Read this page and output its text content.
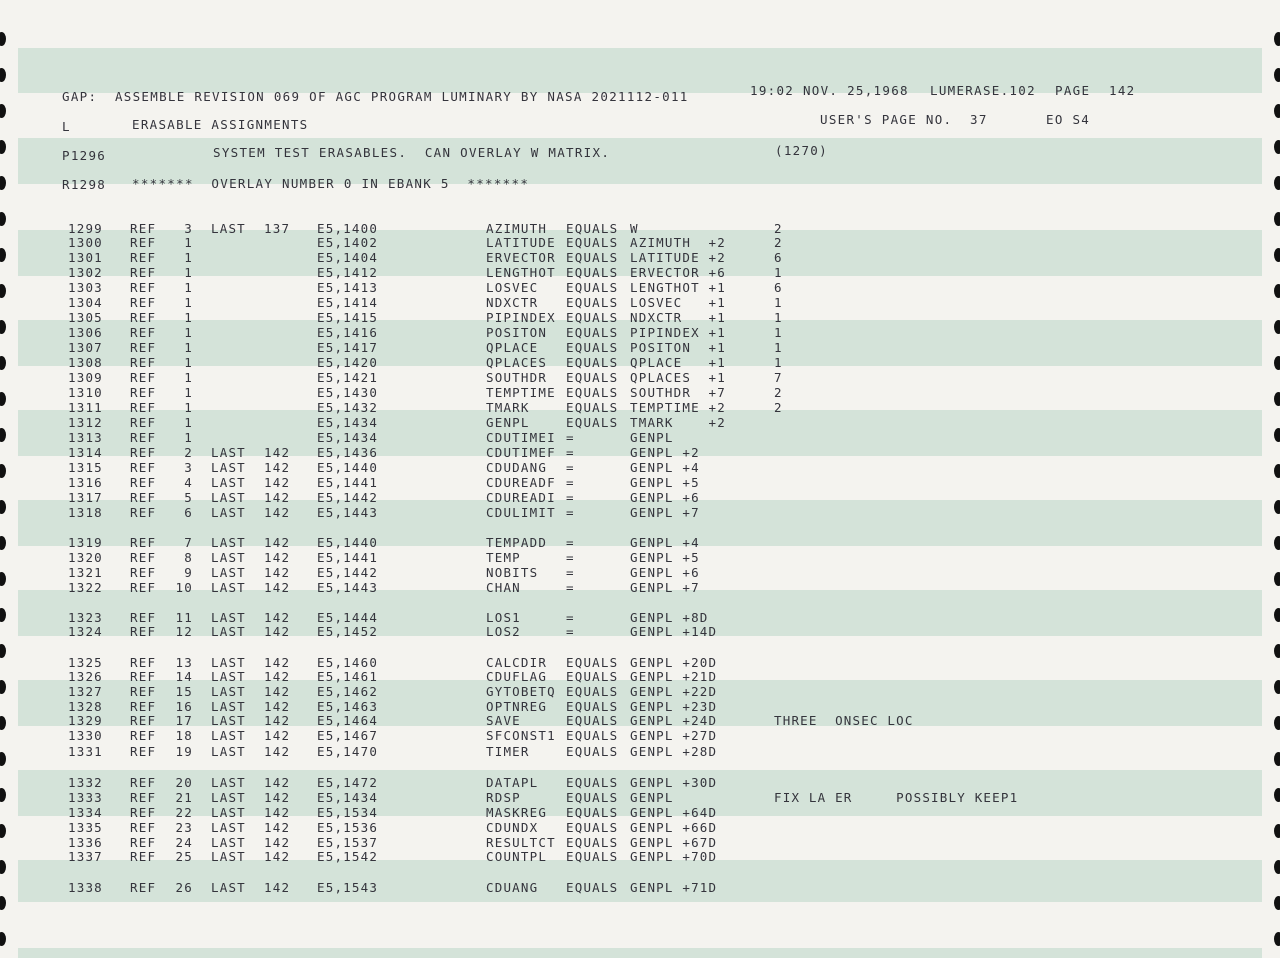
GAP:  ASSEMBLE REVISION 069 OF AGC PROGRAM LUMINARY BY NASA 2021112-011	19:02 NOV. 25,1968 LUMERASE.102 PAGE 142
L	ERASABLE ASSIGNMENTS	USER'S PAGE NO.  37	EO S4
P1296	SYSTEM TEST ERASABLES.  CAN OVERLAY W MATRIX.	(1270)
R1298 *******  OVERLAY NUMBER 0 IN EBANK 5  *******
1299 REF 3 LAST 137 E5,1400	AZIMUTH EQUALS W	2
1300 REF 1	E5,1402	LATITUDE EQUALS AZIMUTH  +2	2
1301 REF 1	E5,1404	ERVECTOR EQUALS LATITUDE +2	6
1302 REF 1	E5,1412	LENGTHOT EQUALS ERVECTOR +6	1
1303 REF 1	E5,1413	LOSVEC EQUALS LENGTHOT +1	6
1304 REF 1	E5,1414	NDXCTR EQUALS LOSVEC   +1	1
1305 REF 1	E5,1415	PIPINDEX EQUALS NDXCTR   +1	1
1306 REF 1	E5,1416	POSITON EQUALS PIPINDEX +1	1
1307 REF 1	E5,1417	QPLACE EQUALS POSITON  +1	1
1308 REF 1	E5,1420	QPLACES EQUALS QPLACE   +1	1
1309 REF 1	E5,1421	SOUTHDR EQUALS QPLACES  +1	7
1310 REF 1	E5,1430	TEMPTIME EQUALS SOUTHDR  +7	2
1311 REF 1	E5,1432	TMARK	EQUALS TEMPTIME +2	2
1312 REF 1	E5,1434	GENPL	EQUALS TMARK    +2
1313 REF 1	E5,1434	CDUTIMEI =	GENPL
1314 REF 2 LAST 142 E5,1436	CDUTIMEF =	GENPL +2
1315 REF 3 LAST 142 E5,1440	CDUDANG =	GENPL +4
1316 REF 4 LAST 142 E5,1441	CDUREADF =	GENPL +5
1317 REF 5 LAST 142 E5,1442	CDUREADI =	GENPL +6
1318 REF 6 LAST 142 E5,1443	CDULIMIT =	GENPL +7
1319 REF 7 LAST 142 E5,1440	TEMPADD =	GENPL +4
1320 REF 8 LAST 142 E5,1441	TEMP	=	GENPL +5
1321 REF 9 LAST 142 E5,1442	NOBITS =	GENPL +6
1322 REF 10 LAST 142 E5,1443	CHAN	=	GENPL +7
1323 REF 11 LAST 142 E5,1444	LOS1	=	GENPL +8D
1324 REF 12 LAST 142 E5,1452	LOS2	=	GENPL +14D
1325 REF 13 LAST 142 E5,1460	CALCDIR EQUALS GENPL +20D
1326 REF 14 LAST 142 E5,1461	CDUFLAG EQUALS GENPL +21D
1327 REF 15 LAST 142 E5,1462	GYTOBETQ EQUALS GENPL +22D
1328 REF 16 LAST 142 E5,1463	OPTNREG EQUALS GENPL +23D
1329 REF 17 LAST 142 E5,1464	SAVE	EQUALS GENPL +24D	THREE  ONSEC LOC
1330 REF 18 LAST 142 E5,1467	SFCONST1 EQUALS GENPL +27D
1331 REF 19 LAST 142 E5,1470	TIMER	EQUALS GENPL +28D
1332 REF 20 LAST 142 E5,1472	DATAPL EQUALS GENPL +30D
1333 REF 21 LAST 142 E5,1434	RDSP	EQUALS GENPL	FIX LA ER     POSSIBLY KEEP1
1334 REF 22 LAST 142 E5,1534	MASKREG EQUALS GENPL +64D
1335 REF 23 LAST 142 E5,1536	CDUNDX EQUALS GENPL +66D
1336 REF 24 LAST 142 E5,1537	RESULTCT EQUALS GENPL +67D
1337 REF 25 LAST 142 E5,1542	COUNTPL EQUALS GENPL +70D
1338 REF 26 LAST 142 E5,1543	CDUANG EQUALS GENPL +71D
